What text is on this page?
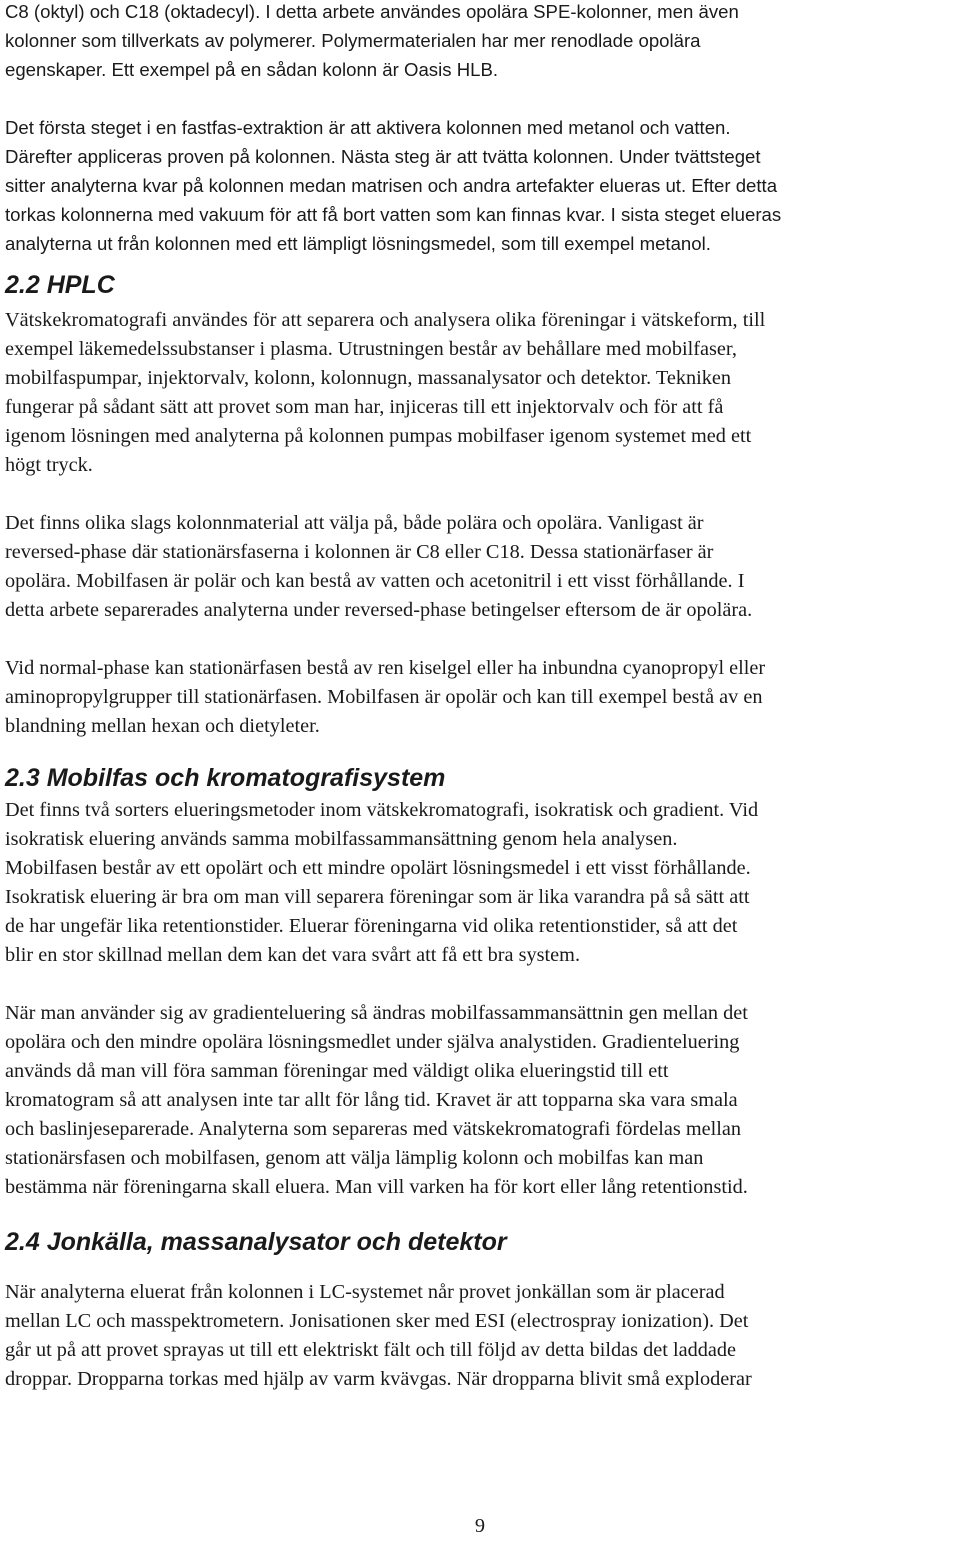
C8 (oktyl) och C18 (oktadecyl). I detta arbete användes opolära SPE-kolonner, men även
kolonner som tillverkats av polymerer. Polymermaterialen har mer renodlade opolära
egenskaper. Ett exempel på en sådan kolonn är Oasis HLB.
Det första steget i en fastfas-extraktion är att aktivera kolonnen med metanol och vatten.
Därefter appliceras proven på kolonnen. Nästa steg är att tvätta kolonnen. Under tvättsteget
sitter analyterna kvar på kolonnen medan matrisen och andra artefakter elueras ut. Efter detta
torkas kolonnerna med vakuum för att få bort vatten som kan finnas kvar. I sista steget elueras
analyterna ut från kolonnen med ett lämpligt lösningsmedel, som till exempel metanol.
2.2 HPLC
Vätskekromatografi användes för att separera och analysera olika föreningar i vätskeform, till
exempel läkemedelssubstanser i plasma. Utrustningen består av behållare med mobilfaser,
mobilfaspumpar, injektorvalv, kolonn, kolonnugn, massanalysator och detektor. Tekniken
fungerar på sådant sätt att provet som man har, injiceras till ett injektorvalv och för att få
igenom lösningen med analyterna på kolonnen pumpas mobilfaser igenom systemet med ett
högt tryck.
Det finns olika slags kolonnmaterial att välja på, både polära och opolära. Vanligast är
reversed-phase där stationärsfaserna i kolonnen är C8 eller C18. Dessa stationärfaser är
opolära. Mobilfasen är polär och kan bestå av vatten och acetonitril i ett visst förhållande. I
detta arbete separerades analyterna under reversed-phase betingelser eftersom de är opolära.
Vid normal-phase kan stationärfasen bestå av ren kiselgel eller ha inbundna cyanopropyl eller
aminopropylgrupper till stationärfasen. Mobilfasen är opolär och kan till exempel bestå av en
blandning mellan hexan och dietyleter.
2.3 Mobilfas och kromatografisystem
Det finns två sorters elueringsmetoder inom vätskekromatografi, isokratisk och gradient. Vid
isokratisk eluering används samma mobilfassammansättning genom hela analysen.
Mobilfasen består av ett opolärt och ett mindre opolärt lösningsmedel i ett visst förhållande.
Isokratisk eluering är bra om man vill separera föreningar som är lika varandra på så sätt att
de har ungefär lika retentionstider. Eluerar föreningarna vid olika retentionstider, så att det
blir en stor skillnad mellan dem kan det vara svårt att få ett bra system.
När man använder sig av gradienteluering så ändras mobilfassammansättnin gen mellan det
opolära och den mindre opolära lösningsmedlet under själva analystiden. Gradienteluering
används då man vill föra samman föreningar med väldigt olika elueringstid till ett
kromatogram så att analysen inte tar allt för lång tid. Kravet är att topparna ska vara smala
och baslinjeseparerade. Analyterna som separeras med vätskekromatografi fördelas mellan
stationärsfasen och mobilfasen, genom att välja lämplig kolonn och mobilfas kan man
bestämma när föreningarna skall eluera. Man vill varken ha för kort eller lång retentionstid.
2.4 Jonkälla, massanalysator och detektor
När analyterna eluerat från kolonnen i LC-systemet når provet jonkällan som är placerad
mellan LC och masspektrometern. Jonisationen sker med ESI (electrospray ionization). Det
går ut på att provet sprayas ut till ett elektriskt fält och till följd av detta bildas det laddade
droppar. Dropparna torkas med hjälp av varm kvävgas. När dropparna blivit små exploderar
9
